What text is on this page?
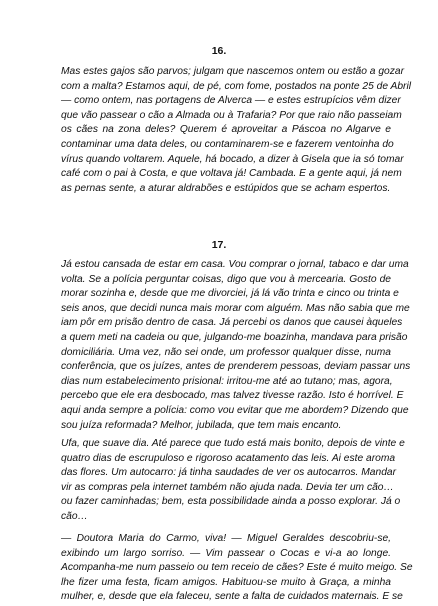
16.
Mas estes gajos são parvos; julgam que nascemos ontem ou estão a gozar
com a malta? Estamos aqui, de pé, com fome, postados na ponte 25 de Abril
— como ontem, nas portagens de Alverca — e estes estrupícios vêm dizer
que vão passear o cão a Almada ou à Trafaria? Por que raio não passeiam
os cães na zona deles? Querem é aproveitar a Páscoa no Algarve e
contaminar uma data deles, ou contaminarem-se e fazerem ventoinha do
vírus quando voltarem. Aquele, há bocado, a dizer à Gisela que ia só tomar
café com o pai à Costa, e que voltava já! Cambada. E a gente aqui, já nem
as pernas sente, a aturar aldrabões e estúpidos que se acham espertos.
17.
Já estou cansada de estar em casa. Vou comprar o jornal, tabaco e dar uma
volta. Se a polícia perguntar coisas, digo que vou à mercearia. Gosto de
morar sozinha e, desde que me divorciei, já lá vão trinta e cinco ou trinta e
seis anos, que decidi nunca mais morar com alguém. Mas não sabia que me
iam pôr em prisão dentro de casa. Já percebi os danos que causei àqueles
a quem meti na cadeia ou que, julgando-me boazinha, mandava para prisão
domiciliária. Uma vez, não sei onde, um professor qualquer disse, numa
conferência, que os juízes, antes de prenderem pessoas, deviam passar uns
dias num estabelecimento prisional: irritou-me até ao tutano; mas, agora,
percebo que ele era desbocado, mas talvez tivesse razão. Isto é horrível. E
aqui anda sempre a polícia: como vou evitar que me abordem? Dizendo que
sou juíza reformada? Melhor, jubilada, que tem mais encanto.
Ufa, que suave dia. Até parece que tudo está mais bonito, depois de vinte e
quatro dias de escrupuloso e rigoroso acatamento das leis. Ai este aroma
das flores. Um autocarro: já tinha saudades de ver os autocarros. Mandar
vir as compras pela internet também não ajuda nada. Devia ter um cão…
ou fazer caminhadas; bem, esta possibilidade ainda a posso explorar. Já o
cão…
— Doutora Maria do Carmo, viva! — Miguel Geraldes descobriu-se,
exibindo um largo sorriso. — Vim passear o Cocas e vi-a ao longe.
Acompanha-me num passeio ou tem receio de cães? Este é muito meigo. Se
lhe fizer uma festa, ficam amigos. Habituou-se muito à Graça, a minha
mulher, e, desde que ela faleceu, sente a falta de cuidados maternais. E se
